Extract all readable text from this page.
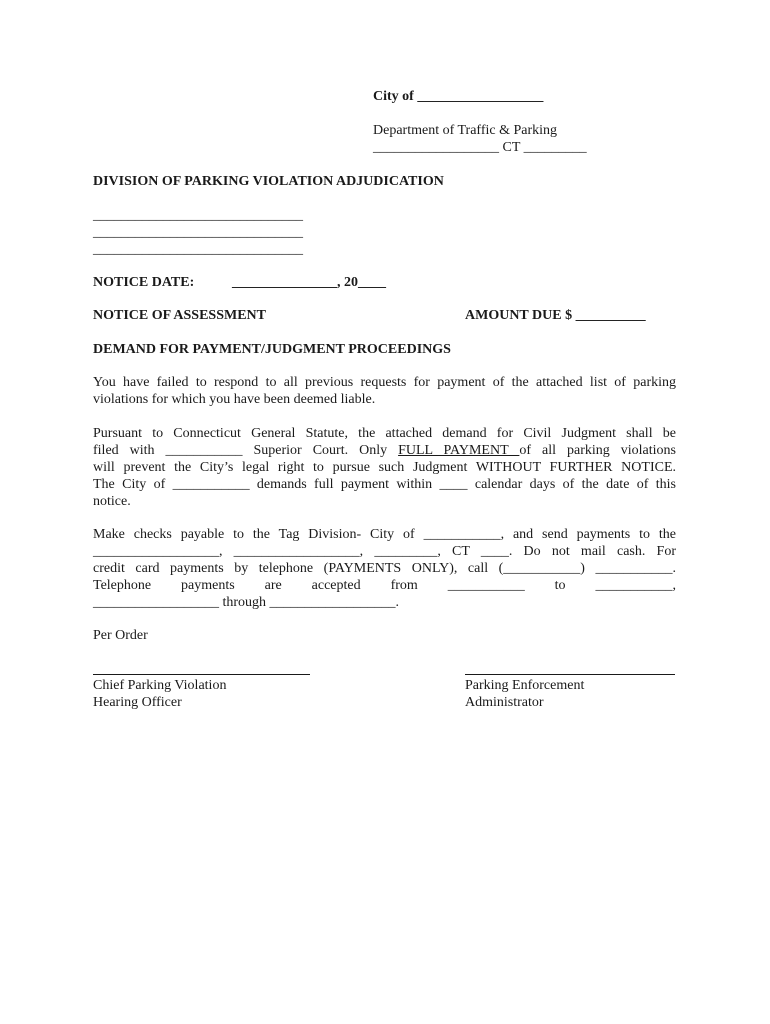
City of __________________
Department of Traffic & Parking
__________________ CT _________
DIVISION OF PARKING VIOLATION ADJUDICATION
______________________________
______________________________
______________________________
NOTICE DATE:	_______________, 20____
NOTICE OF ASSESSMENT	AMOUNT DUE $ __________
DEMAND FOR PAYMENT/JUDGMENT PROCEEDINGS
You have failed to respond to all previous requests for payment of the attached list of parking
violations for which you have been deemed liable.
Pursuant to Connecticut General Statute, the attached demand for Civil Judgment shall be
filed with ___________ Superior Court. Only FULL PAYMENT of all parking violations
will prevent the City’s legal right to pursue such Judgment WITHOUT FURTHER NOTICE.
The City of ___________ demands full payment within ____ calendar days of the date of this
notice.
Make checks payable to the Tag Division- City of ___________, and send payments to the
__________________, __________________, _________, CT ____. Do not mail cash. For
credit card payments by telephone (PAYMENTS ONLY), call (___________) ___________.
Telephone payments are accepted from ___________ to ___________,
__________________ through __________________.
Per Order
Chief Parking Violation
Hearing Officer
Parking Enforcement
Administrator
